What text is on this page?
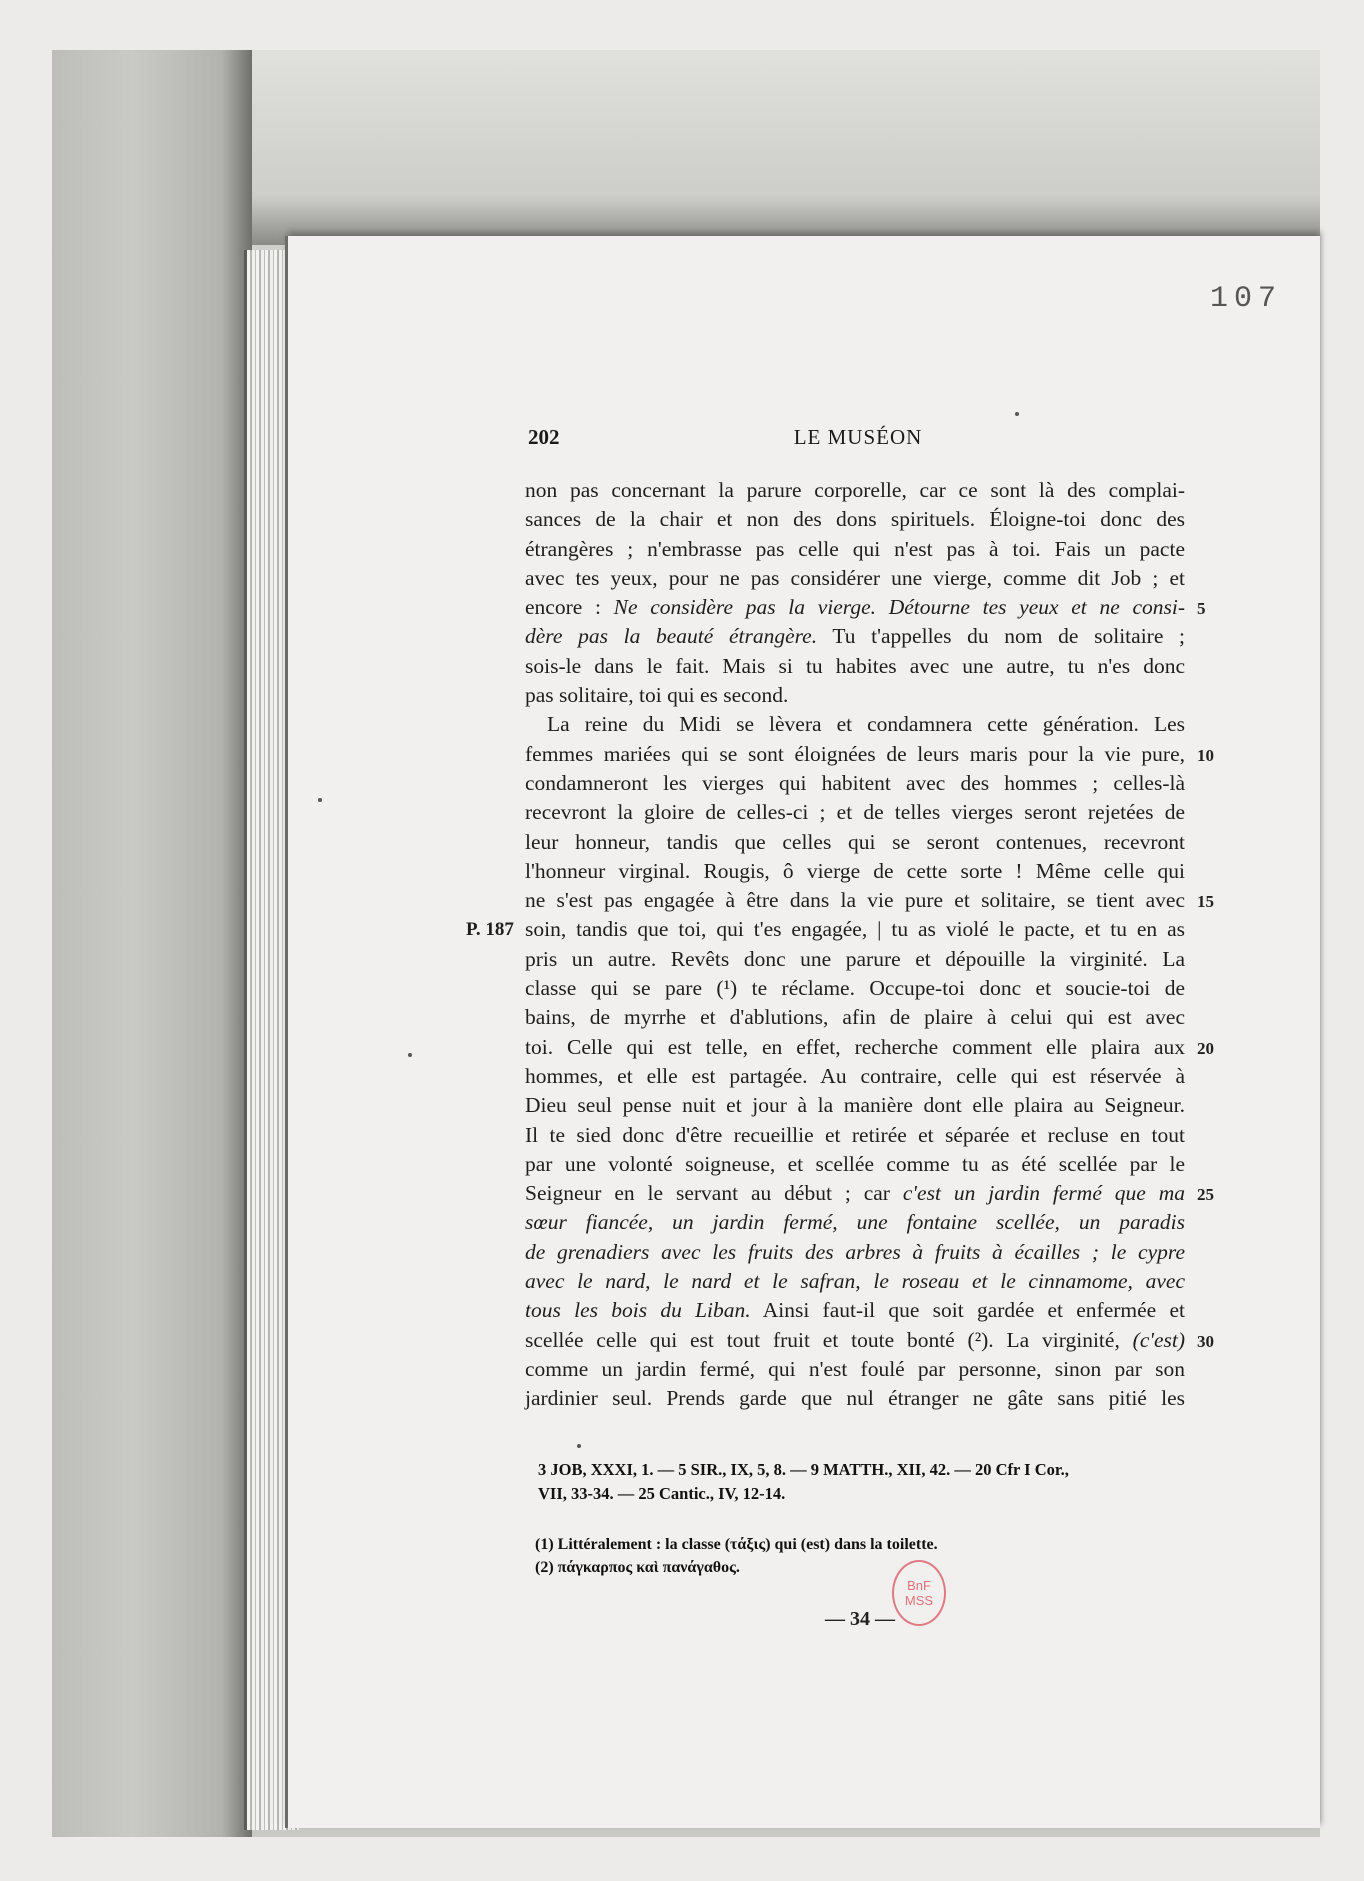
107
202	LE MUSÉON
non pas concernant la parure corporelle, car ce sont là des complai-
sances de la chair et non des dons spirituels. Éloigne-toi donc des
étrangères ; n'embrasse pas celle qui n'est pas à toi. Fais un pacte
avec tes yeux, pour ne pas considérer une vierge, comme dit Job ; et
encore : Ne considère pas la vierge. Détourne tes yeux et ne consi-
dère pas la beauté étrangère. Tu t'appelles du nom de solitaire ;
sois-le dans le fait. Mais si tu habites avec une autre, tu n'es donc
pas solitaire, toi qui es second.
La reine du Midi se lèvera et condamnera cette génération. Les
femmes mariées qui se sont éloignées de leurs maris pour la vie pure,
condamneront les vierges qui habitent avec des hommes ; celles-là
recevront la gloire de celles-ci ; et de telles vierges seront rejetées de
leur honneur, tandis que celles qui se seront contenues, recevront
l'honneur virginal. Rougis, ô vierge de cette sorte ! Même celle qui
ne s'est pas engagée à être dans la vie pure et solitaire, se tient avec
soin, tandis que toi, qui t'es engagée, | tu as violé le pacte, et tu en as
pris un autre. Revêts donc une parure et dépouille la virginité. La
classe qui se pare (¹) te réclame. Occupe-toi donc et soucie-toi de
bains, de myrrhe et d'ablutions, afin de plaire à celui qui est avec
toi. Celle qui est telle, en effet, recherche comment elle plaira aux
hommes, et elle est partagée. Au contraire, celle qui est réservée à
Dieu seul pense nuit et jour à la manière dont elle plaira au Seigneur.
Il te sied donc d'être recueillie et retirée et séparée et recluse en tout
par une volonté soigneuse, et scellée comme tu as été scellée par le
Seigneur en le servant au début ; car c'est un jardin fermé que ma
sœur fiancée, un jardin fermé, une fontaine scellée, un paradis
de grenadiers avec les fruits des arbres à fruits à écailles ; le cypre
avec le nard, le nard et le safran, le roseau et le cinnamome, avec
tous les bois du Liban. Ainsi faut-il que soit gardée et enfermée et
scellée celle qui est tout fruit et toute bonté (²). La virginité, (c'est)
comme un jardin fermé, qui n'est foulé par personne, sinon par son
jardinier seul. Prends garde que nul étranger ne gâte sans pitié les
5
10
15
20
25
30
P. 187
3 JOB, XXXI, 1. — 5 SIR., IX, 5, 8. — 9 MATTH., XII, 42. — 20 Cfr I Cor.,
VII, 33-34. — 25 Cantic., IV, 12-14.
(1) Littéralement : la classe (τάξις) qui (est) dans la toilette.
(2) πάγκαρπος καὶ πανάγαθος.
BnF
MSS
— 34 —
